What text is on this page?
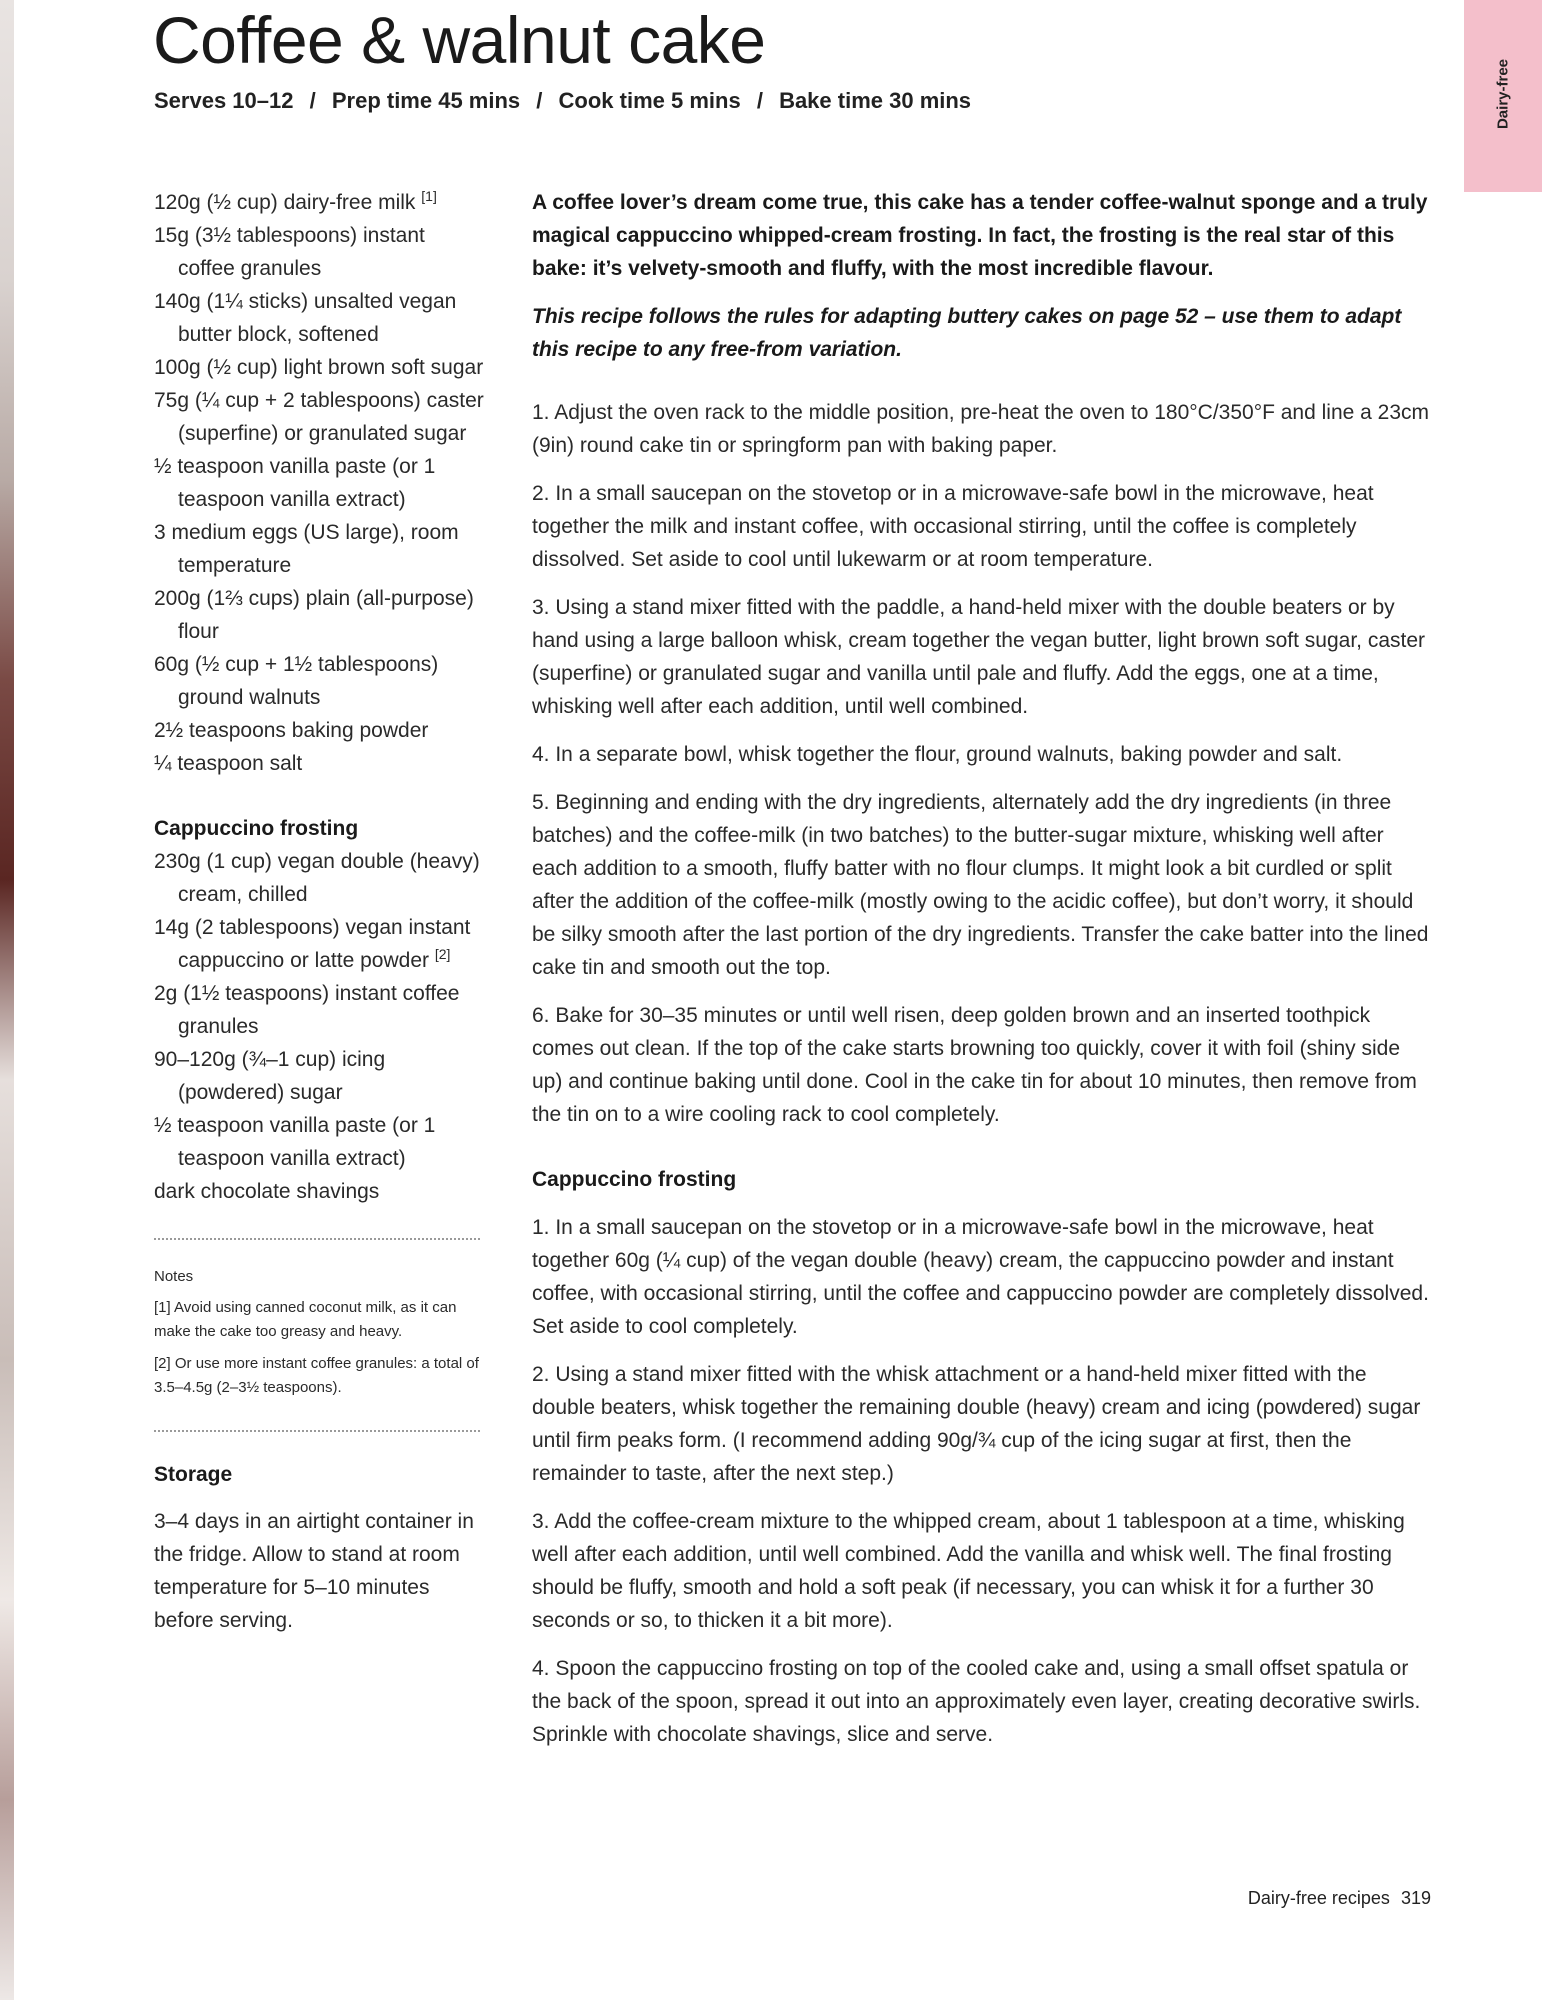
Dairy-free
Coffee & walnut cake
Serves 10–12 / Prep time 45 mins / Cook time 5 mins / Bake time 30 mins
120g (½ cup) dairy-free milk [1]
15g (3½ tablespoons) instant coffee granules
140g (1¼ sticks) unsalted vegan butter block, softened
100g (½ cup) light brown soft sugar
75g (¼ cup + 2 tablespoons) caster (superfine) or granulated sugar
½ teaspoon vanilla paste (or 1 teaspoon vanilla extract)
3 medium eggs (US large), room temperature
200g (1⅔ cups) plain (all-purpose) flour
60g (½ cup + 1½ tablespoons) ground walnuts
2½ teaspoons baking powder
¼ teaspoon salt
Cappuccino frosting
230g (1 cup) vegan double (heavy) cream, chilled
14g (2 tablespoons) vegan instant cappuccino or latte powder [2]
2g (1½ teaspoons) instant coffee granules
90–120g (¾–1 cup) icing (powdered) sugar
½ teaspoon vanilla paste (or 1 teaspoon vanilla extract)
dark chocolate shavings
Notes
[1] Avoid using canned coconut milk, as it can make the cake too greasy and heavy.
[2] Or use more instant coffee granules: a total of 3.5–4.5g (2–3½ teaspoons).
Storage
3–4 days in an airtight container in the fridge. Allow to stand at room temperature for 5–10 minutes before serving.

A coffee lover’s dream come true, this cake has a tender coffee-walnut sponge and a truly magical cappuccino whipped-cream frosting. In fact, the frosting is the real star of this bake: it’s velvety-smooth and fluffy, with the most incredible flavour.

This recipe follows the rules for adapting buttery cakes on page 52 – use them to adapt this recipe to any free-from variation.

1. Adjust the oven rack to the middle position, pre-heat the oven to 180°C/350°F and line a 23cm (9in) round cake tin or springform pan with baking paper.

2. In a small saucepan on the stovetop or in a microwave-safe bowl in the microwave, heat together the milk and instant coffee, with occasional stirring, until the coffee is completely dissolved. Set aside to cool until lukewarm or at room temperature.

3. Using a stand mixer fitted with the paddle, a hand-held mixer with the double beaters or by hand using a large balloon whisk, cream together the vegan butter, light brown soft sugar, caster (superfine) or granulated sugar and vanilla until pale and fluffy. Add the eggs, one at a time, whisking well after each addition, until well combined.

4. In a separate bowl, whisk together the flour, ground walnuts, baking powder and salt.

5. Beginning and ending with the dry ingredients, alternately add the dry ingredients (in three batches) and the coffee-milk (in two batches) to the butter-sugar mixture, whisking well after each addition to a smooth, fluffy batter with no flour clumps. It might look a bit curdled or split after the addition of the coffee-milk (mostly owing to the acidic coffee), but don’t worry, it should be silky smooth after the last portion of the dry ingredients. Transfer the cake batter into the lined cake tin and smooth out the top.

6. Bake for 30–35 minutes or until well risen, deep golden brown and an inserted toothpick comes out clean. If the top of the cake starts browning too quickly, cover it with foil (shiny side up) and continue baking until done. Cool in the cake tin for about 10 minutes, then remove from the tin on to a wire cooling rack to cool completely.

Cappuccino frosting

1. In a small saucepan on the stovetop or in a microwave-safe bowl in the microwave, heat together 60g (¼ cup) of the vegan double (heavy) cream, the cappuccino powder and instant coffee, with occasional stirring, until the coffee and cappuccino powder are completely dissolved. Set aside to cool completely.

2. Using a stand mixer fitted with the whisk attachment or a hand-held mixer fitted with the double beaters, whisk together the remaining double (heavy) cream and icing (powdered) sugar until firm peaks form. (I recommend adding 90g/¾ cup of the icing sugar at first, then the remainder to taste, after the next step.)

3. Add the coffee-cream mixture to the whipped cream, about 1 tablespoon at a time, whisking well after each addition, until well combined. Add the vanilla and whisk well. The final frosting should be fluffy, smooth and hold a soft peak (if necessary, you can whisk it for a further 30 seconds or so, to thicken it a bit more).

4. Spoon the cappuccino frosting on top of the cooled cake and, using a small offset spatula or the back of the spoon, spread it out into an approximately even layer, creating decorative swirls. Sprinkle with chocolate shavings, slice and serve.

Dairy-free recipes 319
